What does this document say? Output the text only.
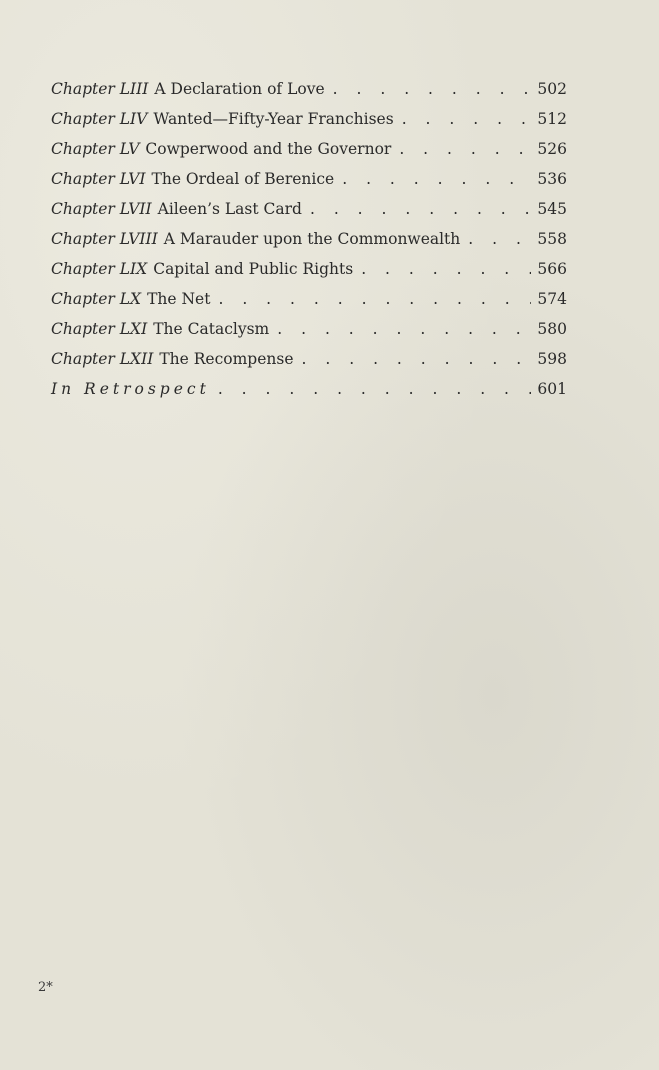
Chapter LIII A Declaration of Love . . .	502
Chapter LIV Wanted—Fifty-Year Franchises . . .	512
Chapter LV Cowperwood and the Governor . . .	526
Chapter LVI The Ordeal of Berenice . . .	536
Chapter LVII Aileen’s Last Card . . .	545
Chapter LVIII A Marauder upon the Commonwealth . . .	558
Chapter LIX Capital and Public Rights . . .	566
Chapter LX The Net . . .	574
Chapter LXI The Cataclysm . . .	580
Chapter LXII The Recompense . . .	598
In Retrospect . . .	601
2*
